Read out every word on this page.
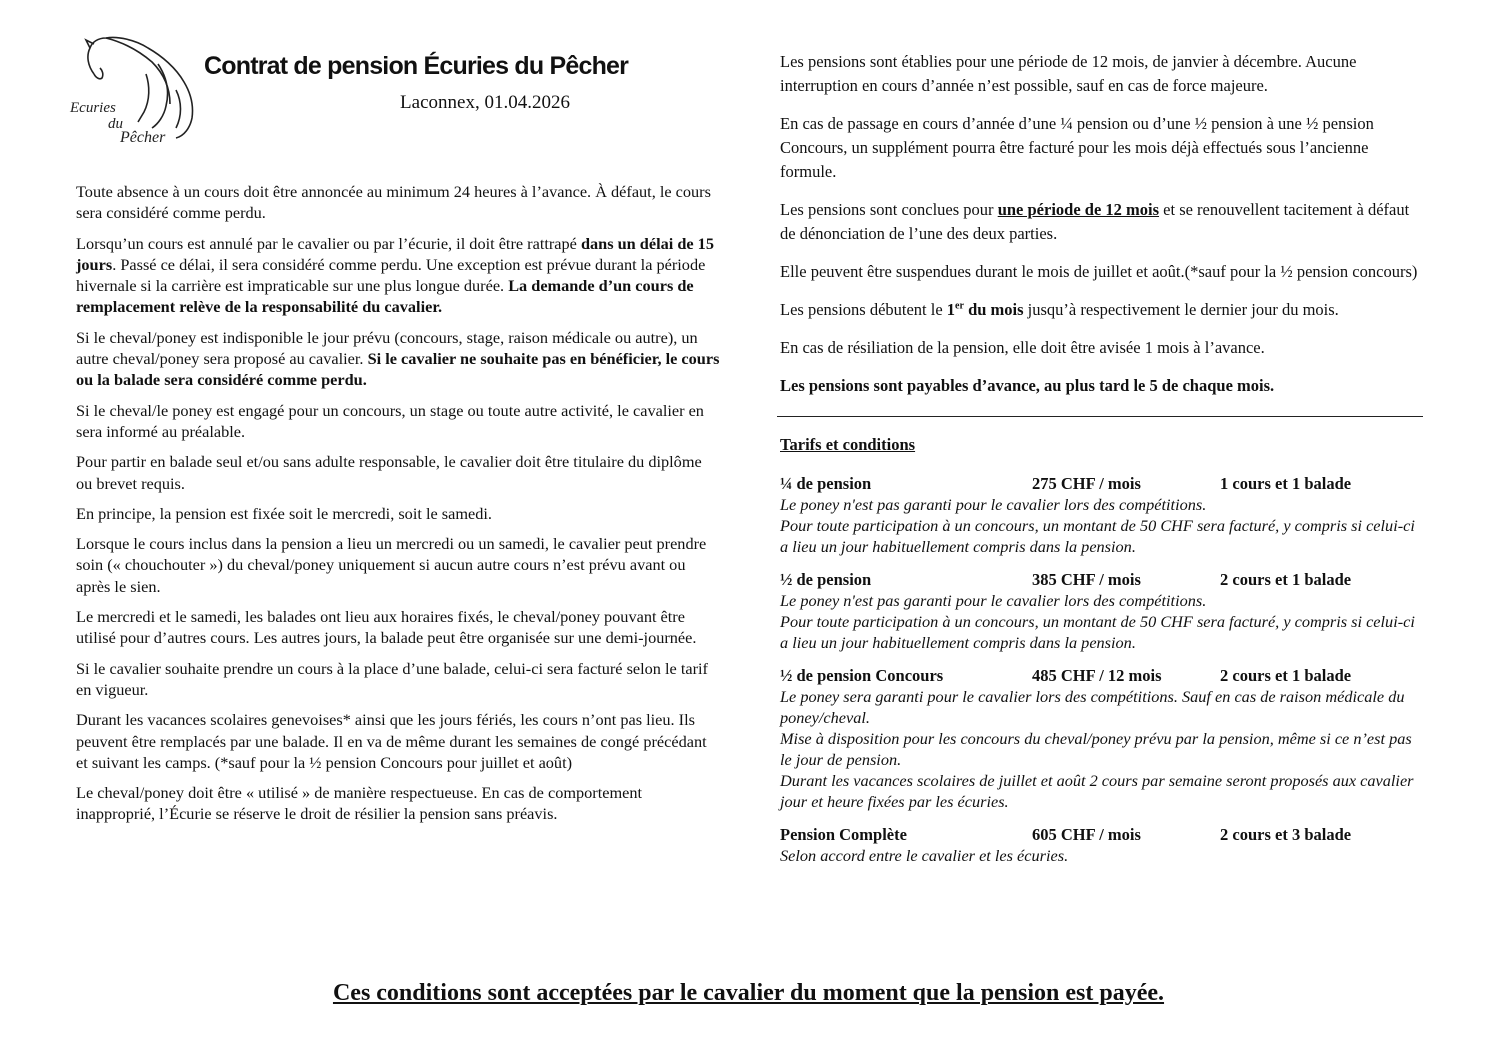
Ecuries
du
Pêcher
Contrat de pension Écuries du Pêcher
Laconnex, 01.04.2026

Toute absence à un cours doit être annoncée au minimum 24 heures à l’avance. À défaut, le cours sera considéré comme perdu.

Lorsqu’un cours est annulé par le cavalier ou par l’écurie, il doit être rattrapé dans un délai de 15 jours. Passé ce délai, il sera considéré comme perdu. Une exception est prévue durant la période hivernale si la carrière est impraticable sur une plus longue durée. La demande d’un cours de remplacement relève de la responsabilité du cavalier.

Si le cheval/poney est indisponible le jour prévu (concours, stage, raison médicale ou autre), un autre cheval/poney sera proposé au cavalier. Si le cavalier ne souhaite pas en bénéficier, le cours ou la balade sera considéré comme perdu.

Si le cheval/le poney est engagé pour un concours, un stage ou toute autre activité, le cavalier en sera informé au préalable.

Pour partir en balade seul et/ou sans adulte responsable, le cavalier doit être titulaire du diplôme ou brevet requis.

En principe, la pension est fixée soit le mercredi, soit le samedi.

Lorsque le cours inclus dans la pension a lieu un mercredi ou un samedi, le cavalier peut prendre soin (« chouchouter ») du cheval/poney uniquement si aucun autre cours n’est prévu avant ou après le sien.

Le mercredi et le samedi, les balades ont lieu aux horaires fixés, le cheval/poney pouvant être utilisé pour d’autres cours. Les autres jours, la balade peut être organisée sur une demi-journée.

Si le cavalier souhaite prendre un cours à la place d’une balade, celui-ci sera facturé selon le tarif en vigueur.

Durant les vacances scolaires genevoises* ainsi que les jours fériés, les cours n’ont pas lieu. Ils peuvent être remplacés par une balade. Il en va de même durant les semaines de congé précédant et suivant les camps. (*sauf pour la ½ pension Concours pour juillet et août)

Le cheval/poney doit être « utilisé » de manière respectueuse. En cas de comportement inapproprié, l’Écurie se réserve le droit de résilier la pension sans préavis.

Les pensions sont établies pour une période de 12 mois, de janvier à décembre. Aucune interruption en cours d’année n’est possible, sauf en cas de force majeure.

En cas de passage en cours d’année d’une ¼ pension ou d’une ½ pension à une ½ pension Concours, un supplément pourra être facturé pour les mois déjà effectués sous l’ancienne formule.

Les pensions sont conclues pour une période de 12 mois et se renouvellent tacitement à défaut de dénonciation de l’une des deux parties.

Elle peuvent être suspendues durant le mois de juillet et août.(*sauf pour la ½ pension concours)

Les pensions débutent le 1er du mois jusqu’à respectivement le dernier jour du mois.

En cas de résiliation de la pension, elle doit être avisée 1 mois à l’avance.

Les pensions sont payables d’avance, au plus tard le 5 de chaque mois.

Tarifs et conditions
¼ de pension	275 CHF / mois	1 cours et 1 balade
Le poney n'est pas garanti pour le cavalier lors des compétitions.
Pour toute participation à un concours, un montant de 50 CHF sera facturé, y compris si celui-ci a lieu un jour habituellement compris dans la pension.
½ de pension	385 CHF / mois	2 cours et 1 balade
Le poney n'est pas garanti pour le cavalier lors des compétitions.
Pour toute participation à un concours, un montant de 50 CHF sera facturé, y compris si celui-ci a lieu un jour habituellement compris dans la pension.
½ de pension Concours	485 CHF / 12 mois	2 cours et 1 balade
Le poney sera garanti pour le cavalier lors des compétitions. Sauf en cas de raison médicale du poney/cheval.
Mise à disposition pour les concours du cheval/poney prévu par la pension, même si ce n’est pas le jour de pension.
Durant les vacances scolaires de juillet et août 2 cours par semaine seront proposés aux cavalier jour et heure fixées par les écuries.
Pension Complète	605 CHF / mois	2 cours et 3 balade
Selon accord entre le cavalier et les écuries.
Ces conditions sont acceptées par le cavalier du moment que la pension est payée.
